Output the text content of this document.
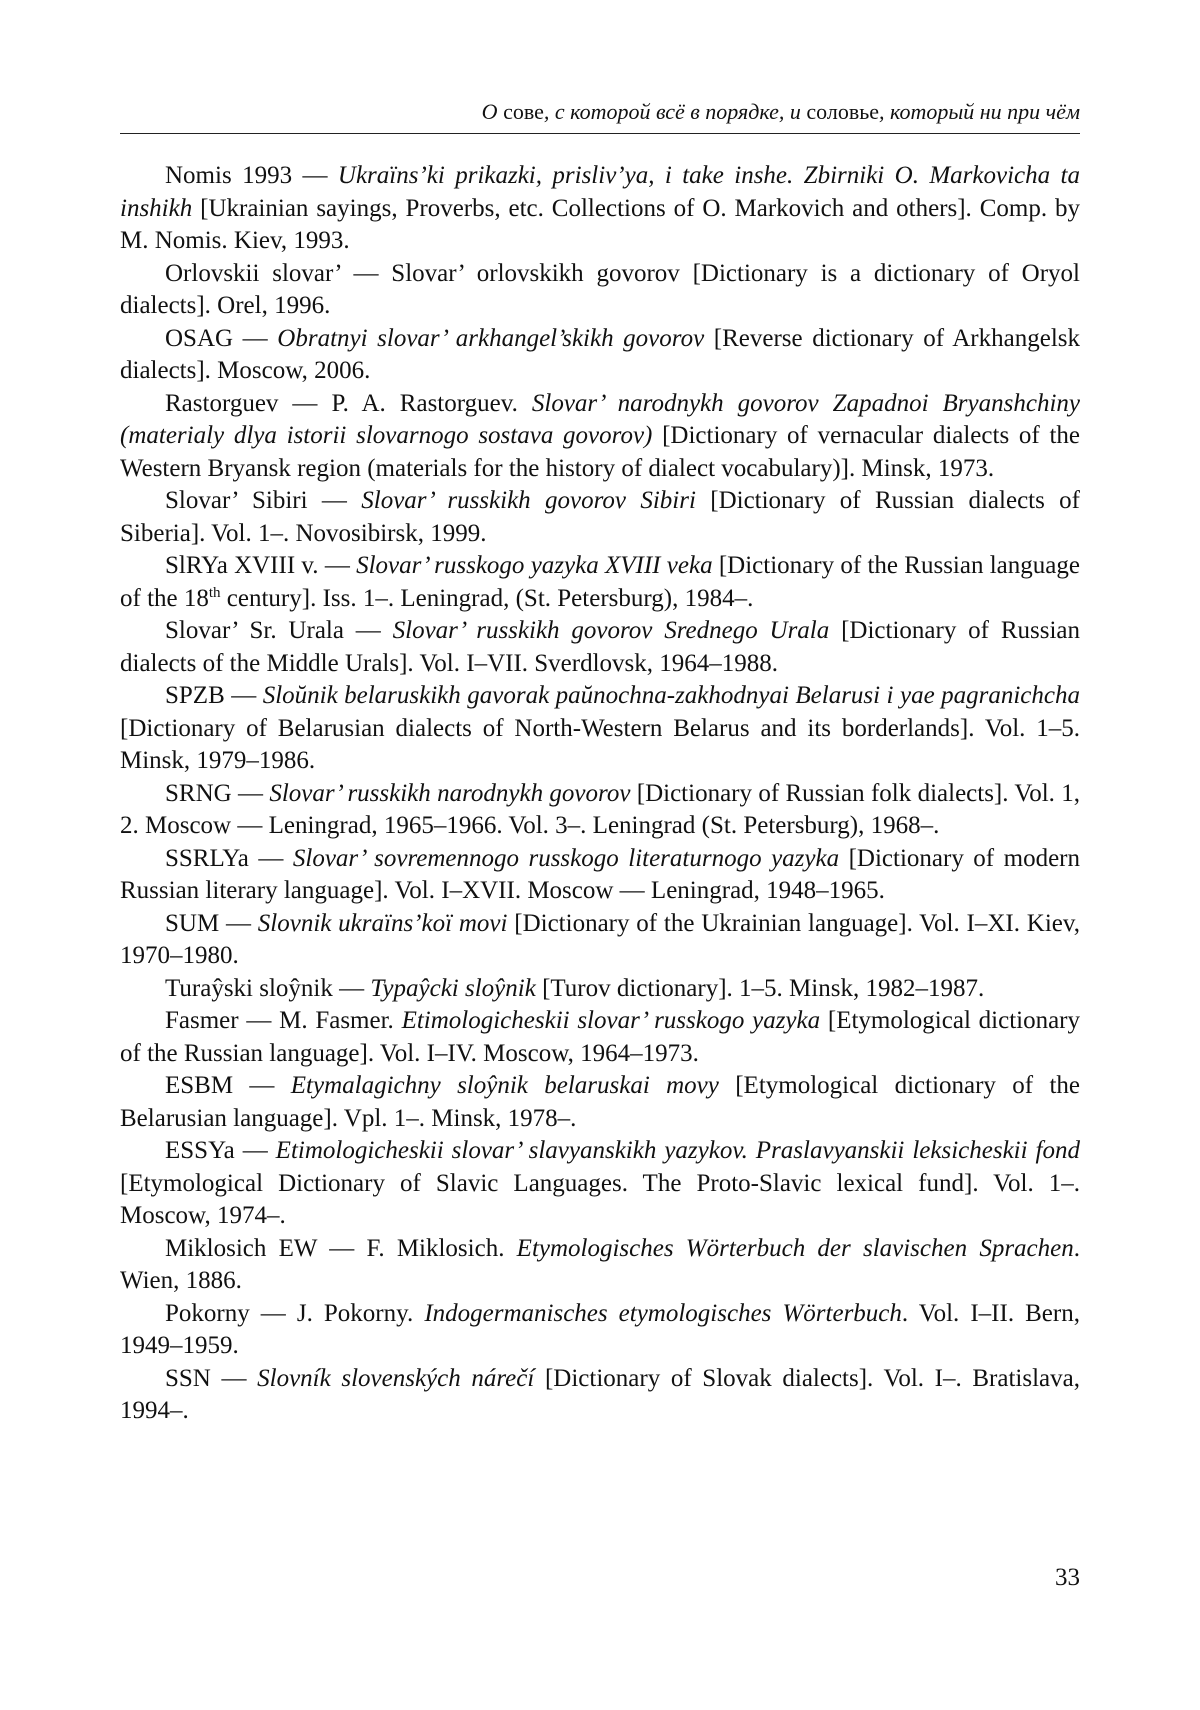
О сове, с которой всё в порядке, и соловье, который ни при чём

Nomis 1993 — Ukraïns’ki prikazki, prisliv’ya, i take inshe. Zbirniki O. Markovicha ta inshikh [Ukrainian sayings, Proverbs, etc. Collections of O. Markovich and others]. Comp. by M. Nomis. Kiev, 1993.

Orlovskii slovar’ — Slovar’ orlovskikh govorov [Dictionary is a dictionary of Oryol dialects]. Orel, 1996.

OSAG — Obratnyi slovar’ arkhangel’skikh govorov [Reverse dictionary of Arkhangelsk dialects]. Moscow, 2006.

Rastorguev — P. A. Rastorguev. Slovar’ narodnykh govorov Zapadnoi Bryanshchiny (materialy dlya istorii slovarnogo sostava govorov) [Dictionary of vernacular dialects of the Western Bryansk region (materials for the history of dialect vocabulary)]. Minsk, 1973.

Slovar’ Sibiri — Slovar’ russkikh govorov Sibiri [Dictionary of Russian dialects of Siberia]. Vol. 1–. Novosibirsk, 1999.

SlRYa XVIII v. — Slovar’ russkogo yazyka XVIII veka [Dictionary of the Russian language of the 18th century]. Iss. 1–. Leningrad, (St. Petersburg), 1984–.

Slovar’ Sr. Urala — Slovar’ russkikh govorov Srednego Urala [Dictionary of Russian dialects of the Middle Urals]. Vol. I–VII. Sverdlovsk, 1964–1988.

SPZB — Sloŭnik belaruskikh gavorak paŭnochna-zakhodnyai Belarusi i yae pagranichcha [Dictionary of Belarusian dialects of North-Western Belarus and its borderlands]. Vol. 1–5. Minsk, 1979–1986.

SRNG — Slovar’ russkikh narodnykh govorov [Dictionary of Russian folk dialects]. Vol. 1, 2. Moscow — Leningrad, 1965–1966. Vol. 3–. Leningrad (St. Petersburg), 1968–.

SSRLYa — Slovar’ sovremennogo russkogo literaturnogo yazyka [Dictionary of modern Russian literary language]. Vol. I–XVII. Moscow — Leningrad, 1948–1965.

SUM — Slovnik ukraïns’koï movi [Dictionary of the Ukrainian language]. Vol. I–XI. Kiev, 1970–1980.

Turaŷski sloŷnik — Typaŷcki sloŷnik [Turov dictionary]. 1–5. Minsk, 1982–1987.

Fasmer — M. Fasmer. Etimologicheskii slovar’ russkogo yazyka [Etymological dictionary of the Russian language]. Vol. I–IV. Moscow, 1964–1973.

ESBM — Etymalagichny sloŷnik belaruskai movy [Etymological dictionary of the Belarusian language]. Vpl. 1–. Minsk, 1978–.

ESSYa — Etimologicheskii slovar’ slavyanskikh yazykov. Praslavyanskii leksicheskii fond [Etymological Dictionary of Slavic Languages. The Proto-Slavic lexical fund]. Vol. 1–. Moscow, 1974–.

Miklosich EW — F. Miklosich. Etymologisches Wörterbuch der slavischen Sprachen. Wien, 1886.

Pokorny — J. Pokorny. Indogermanisches etymologisches Wörterbuch. Vol. I–II. Bern, 1949–1959.

SSN — Slovník slovenských nárečí [Dictionary of Slovak dialects]. Vol. I–. Bratislava, 1994–.

33
